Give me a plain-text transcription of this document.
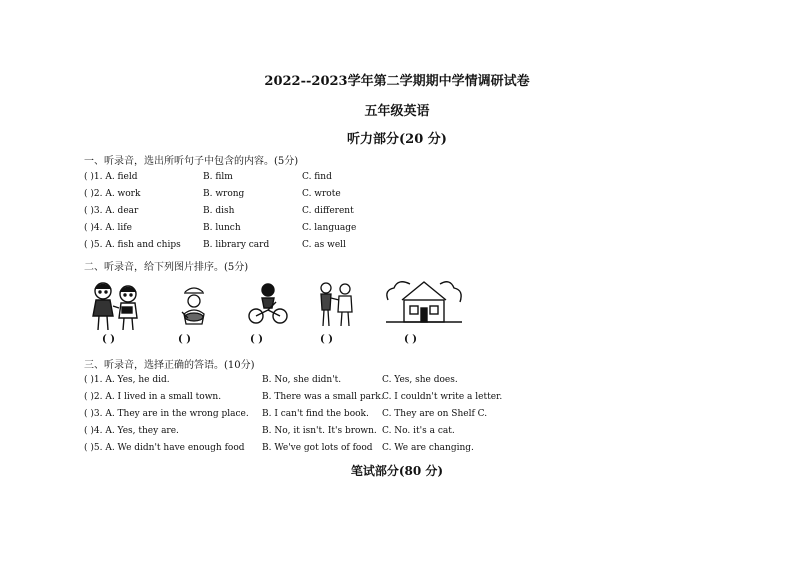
2022--2023学年第二学期期中学情调研试卷
五年级英语
听力部分(20 分)
一、听录音，选出所听句子中包含的内容。(5分)
( )1. A. field	B. film	C. find
( )2. A. work	B. wrong	C. wrote
( )3. A. dear	B. dish	C. different
( )4. A. life	B. lunch	C. language
( )5. A. fish and chips B. library card	C. as well
二、听录音，给下列图片排序。(5分)
( )	( )	( )	( )	( )
三、听录音，选择正确的答语。(10分)
( )1. A. Yes, he did.	B. No, she didn't.	C. Yes, she does.
( )2. A. I lived in a small town.	B. There was a small park.
C. I couldn't write a letter.
( )3. A. They are in the wrong place. B. I can't find the book. C. They are on Shelf C.
( )4. A. Yes, they are.	B. No, it isn't. It's brown. C. No. it's a cat.
( )5. A. We didn't have enough food B. We've got lots of food C. We are changing.
笔试部分(80 分)
